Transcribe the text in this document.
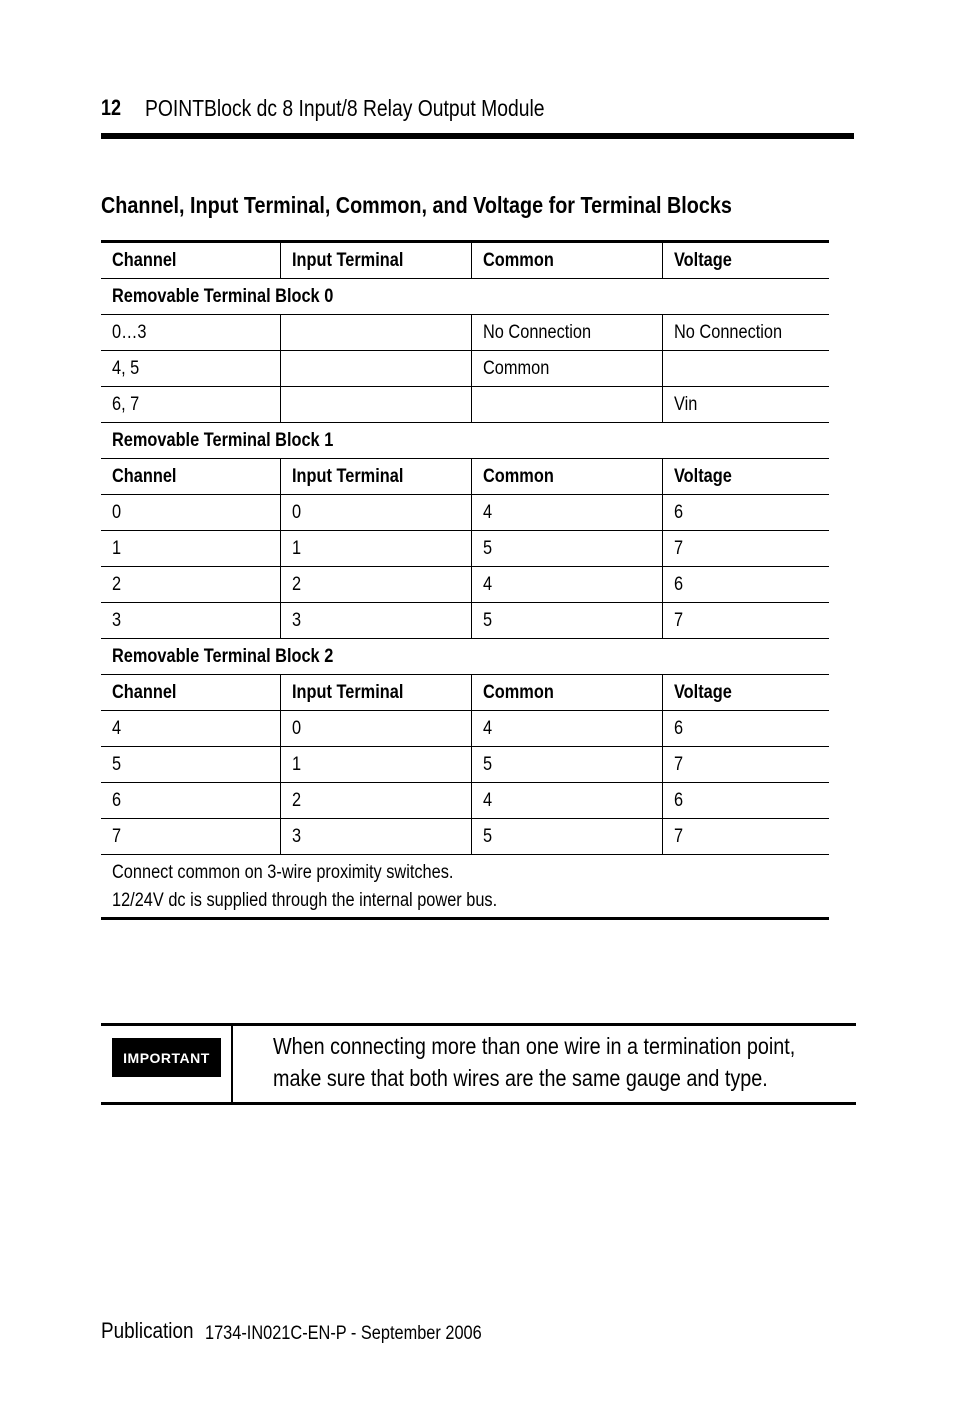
12 POINTBlock dc 8 Input/8 Relay Output Module
Channel, Input Terminal, Common, and Voltage for Terminal Blocks
Channel	Input Terminal	Common	Voltage
Removable Terminal Block 0			
0…3		No Connection	No Connection
4, 5		Common	
6, 7			Vin
Removable Terminal Block 1			
Channel	Input Terminal	Common	Voltage
0	0	4	6
1	1	5	7
2	2	4	6
3	3	5	7
Removable Terminal Block 2			
Channel	Input Terminal	Common	Voltage
4	0	4	6
5	1	5	7
6	2	4	6
7	3	5	7
Connect common on 3-wire proximity switches.
12/24V dc is supplied through the internal power bus.			
IMPORTANT	When connecting more than one wire in a termination point,
make sure that both wires are the same gauge and type.
Publication 1734-IN021C-EN-P - September 2006
